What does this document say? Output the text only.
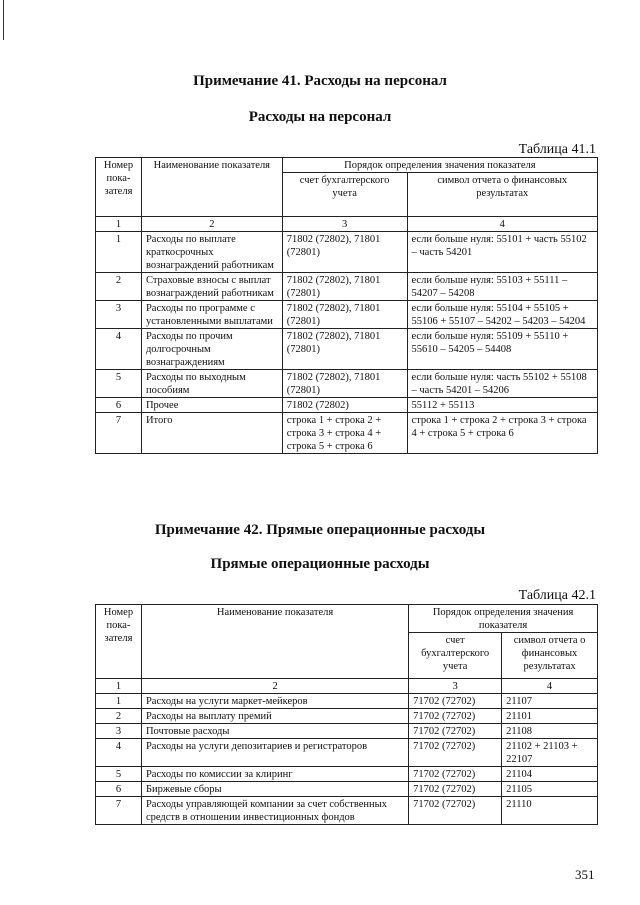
Примечание 41. Расходы на персонал
Расходы на персонал
Таблица 41.1
Номер пока-зателя	Наименование показателя	Порядок определения значения показателя	
		счет бухгалтерского учета	символ отчета о финансовых результатах
1	2	3	4
1	Расходы по выплате краткосрочных вознаграждений работникам	71802 (72802), 71801 (72801)	если больше нуля: 55101 + часть 55102 – часть 54201
2	Страховые взносы с выплат вознаграждений работникам	71802 (72802), 71801 (72801)	если больше нуля: 55103 + 55111 – 54207 – 54208
3	Расходы по программе с установленными выплатами	71802 (72802), 71801 (72801)	если больше нуля: 55104 + 55105 + 55106 + 55107 – 54202 – 54203 – 54204
4	Расходы по прочим долгосрочным вознаграждениям	71802 (72802), 71801 (72801)	если больше нуля: 55109 + 55110 + 55610 – 54205 – 54408
5	Расходы по выходным пособиям	71802 (72802), 71801 (72801)	если больше нуля: часть 55102 + 55108 – часть 54201 – 54206
6	Прочее	71802 (72802)	55112 + 55113
7	Итого	строка 1 + строка 2 + строка 3 + строка 4 + строка 5 + строка 6	строка 1 + строка 2 + строка 3 + строка 4 + строка 5 + строка 6
Примечание 42. Прямые операционные расходы
Прямые операционные расходы
Таблица 42.1
Номер пока-зателя	Наименование показателя	Порядок определения значения показателя	
		счет бухгалтерского учета	символ отчета о финансовых результатах
1	2	3	4
1	Расходы на услуги маркет-мейкеров	71702 (72702)	21107
2	Расходы на выплату премий	71702 (72702)	21101
3	Почтовые расходы	71702 (72702)	21108
4	Расходы на услуги депозитариев и регистраторов	71702 (72702)	21102 + 21103 + 22107
5	Расходы по комиссии за клиринг	71702 (72702)	21104
6	Биржевые сборы	71702 (72702)	21105
7	Расходы управляющей компании за счет собственных средств в отношении инвестиционных фондов	71702 (72702)	21110
351
